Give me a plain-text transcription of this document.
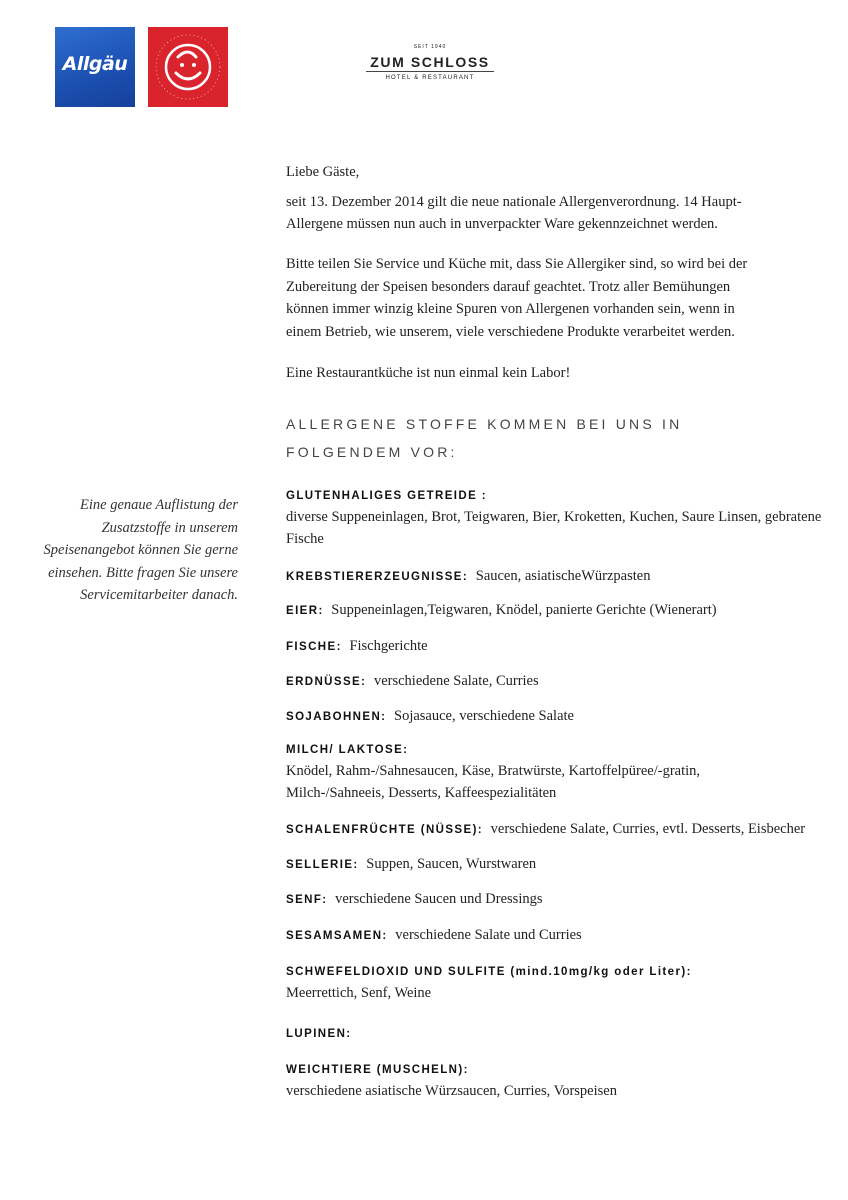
Allgäu
SEIT 1940
ZUM SCHLOSS
HOTEL & RESTAURANT
Liebe Gäste,
seit 13. Dezember 2014 gilt die neue nationale Allergenverordnung. 14 Haupt-Allergene müssen nun auch in unverpackter Ware gekennzeichnet werden.
Bitte teilen Sie Service und Küche mit, dass Sie Allergiker sind, so wird bei der Zubereitung der Speisen besonders darauf geachtet. Trotz aller Bemühungen können immer winzig kleine Spuren von Allergenen vorhanden sein, wenn in einem Betrieb, wie unserem, viele verschiedene Produkte verarbeitet werden.
Eine Restaurantküche ist nun einmal kein Labor!
ALLERGENE STOFFE KOMMEN BEI UNS IN FOLGENDEM VOR:
Eine genaue Auflistung der Zusatzstoffe in unserem Speisenangebot können Sie gerne einsehen. Bitte fragen Sie unsere Servicemitarbeiter danach.
GLUTENHALIGES GETREIDE :
diverse Suppeneinlagen, Brot, Teigwaren, Bier, Kroketten, Kuchen, Saure Linsen, gebratene Fische
KREBSTIERERZEUGNISSE: Saucen, asiatischeWürzpasten
EIER: Suppeneinlagen,Teigwaren, Knödel, panierte Gerichte (Wienerart)
FISCHE: Fischgerichte
ERDNÜSSE: verschiedene Salate, Curries
SOJABOHNEN: Sojasauce, verschiedene Salate
MILCH/ LAKTOSE:
Knödel, Rahm-/Sahnesaucen, Käse, Bratwürste, Kartoffelpüree/-gratin, Milch-/Sahneeis, Desserts, Kaffeespezialitäten
SCHALENFRÜCHTE (NÜSSE): verschiedene Salate, Curries, evtl. Desserts, Eisbecher
SELLERIE: Suppen, Saucen, Wurstwaren
SENF: verschiedene Saucen und Dressings
SESAMSAMEN: verschiedene Salate und Curries
SCHWEFELDIOXID UND SULFITE (mind.10mg/kg oder Liter):
Meerrettich, Senf, Weine
LUPINEN:
WEICHTIERE (MUSCHELN):
verschiedene asiatische Würzsaucen, Curries, Vorspeisen
